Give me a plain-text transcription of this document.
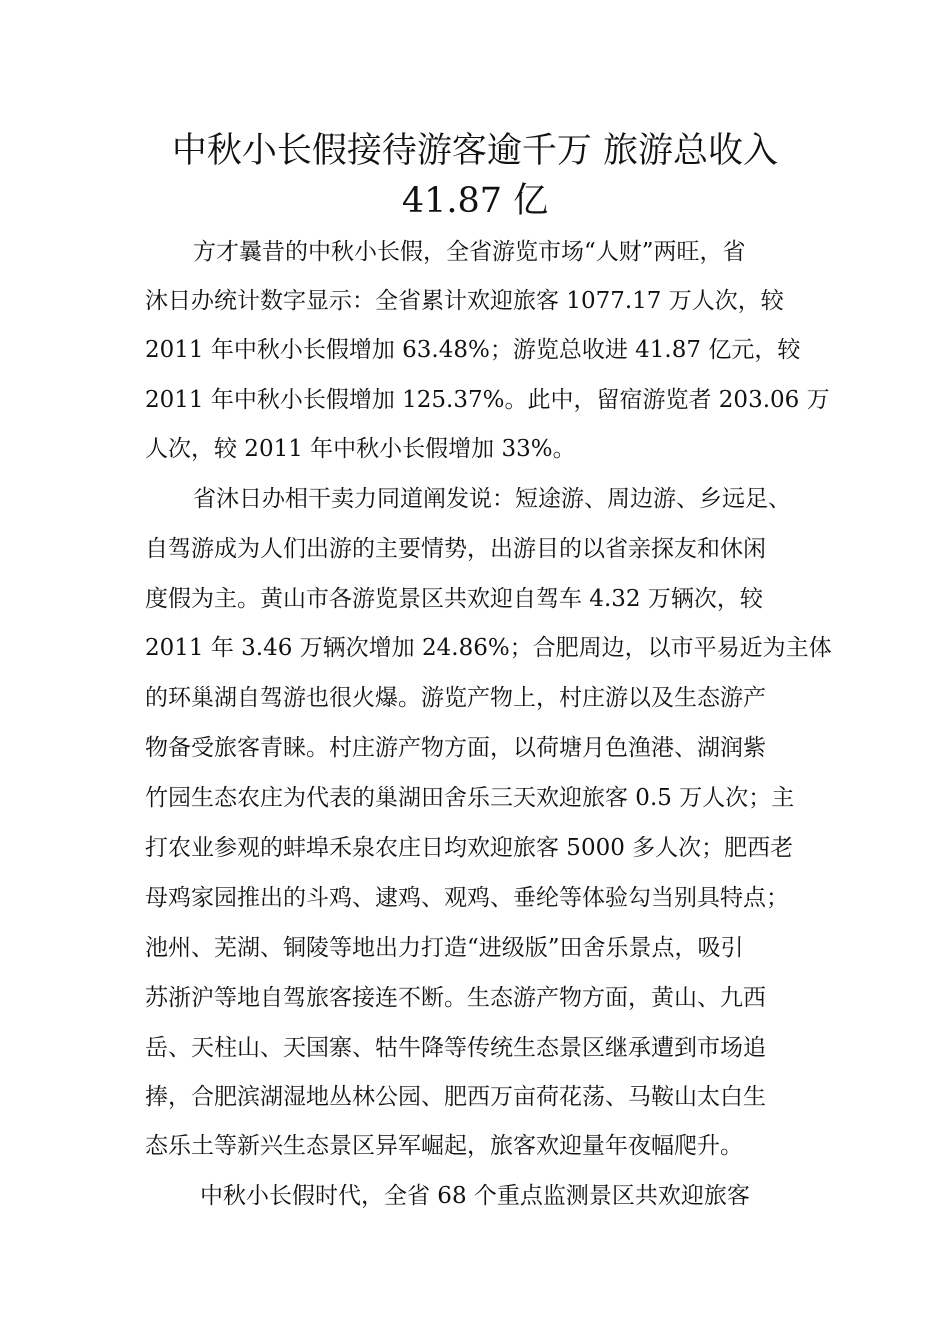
中秋小长假接待游客逾千万 旅游总收入
41.87 亿
方才曩昔的中秋小长假，全省游览市场“人财”两旺，省
沐日办统计数字显示：全省累计欢迎旅客 1077.17 万人次，较
2011 年中秋小长假增加 63.48%；游览总收进 41.87 亿元，较
2011 年中秋小长假增加 125.37%。此中，留宿游览者 203.06 万
人次，较 2011 年中秋小长假增加 33%。
省沐日办相干卖力同道阐发说：短途游、周边游、乡远足、
自驾游成为人们出游的主要情势，出游目的以省亲探友和休闲
度假为主。黄山市各游览景区共欢迎自驾车 4.32 万辆次，较
2011 年 3.46 万辆次增加 24.86%；合肥周边，以市平易近为主体
的环巢湖自驾游也很火爆。游览产物上，村庄游以及生态游产
物备受旅客青睐。村庄游产物方面，以荷塘月色渔港、湖润紫
竹园生态农庄为代表的巢湖田舍乐三天欢迎旅客 0.5 万人次；主
打农业参观的蚌埠禾泉农庄日均欢迎旅客 5000 多人次；肥西老
母鸡家园推出的斗鸡、逮鸡、观鸡、垂纶等体验勾当别具特点；
池州、芜湖、铜陵等地出力打造“进级版”田舍乐景点，吸引
苏浙沪等地自驾旅客接连不断。生态游产物方面，黄山、九西
岳、天柱山、天国寨、牯牛降等传统生态景区继承遭到市场追
捧，合肥滨湖湿地丛林公园、肥西万亩荷花荡、马鞍山太白生
态乐土等新兴生态景区异军崛起，旅客欢迎量年夜幅爬升。
中秋小长假时代，全省 68 个重点监测景区共欢迎旅客
